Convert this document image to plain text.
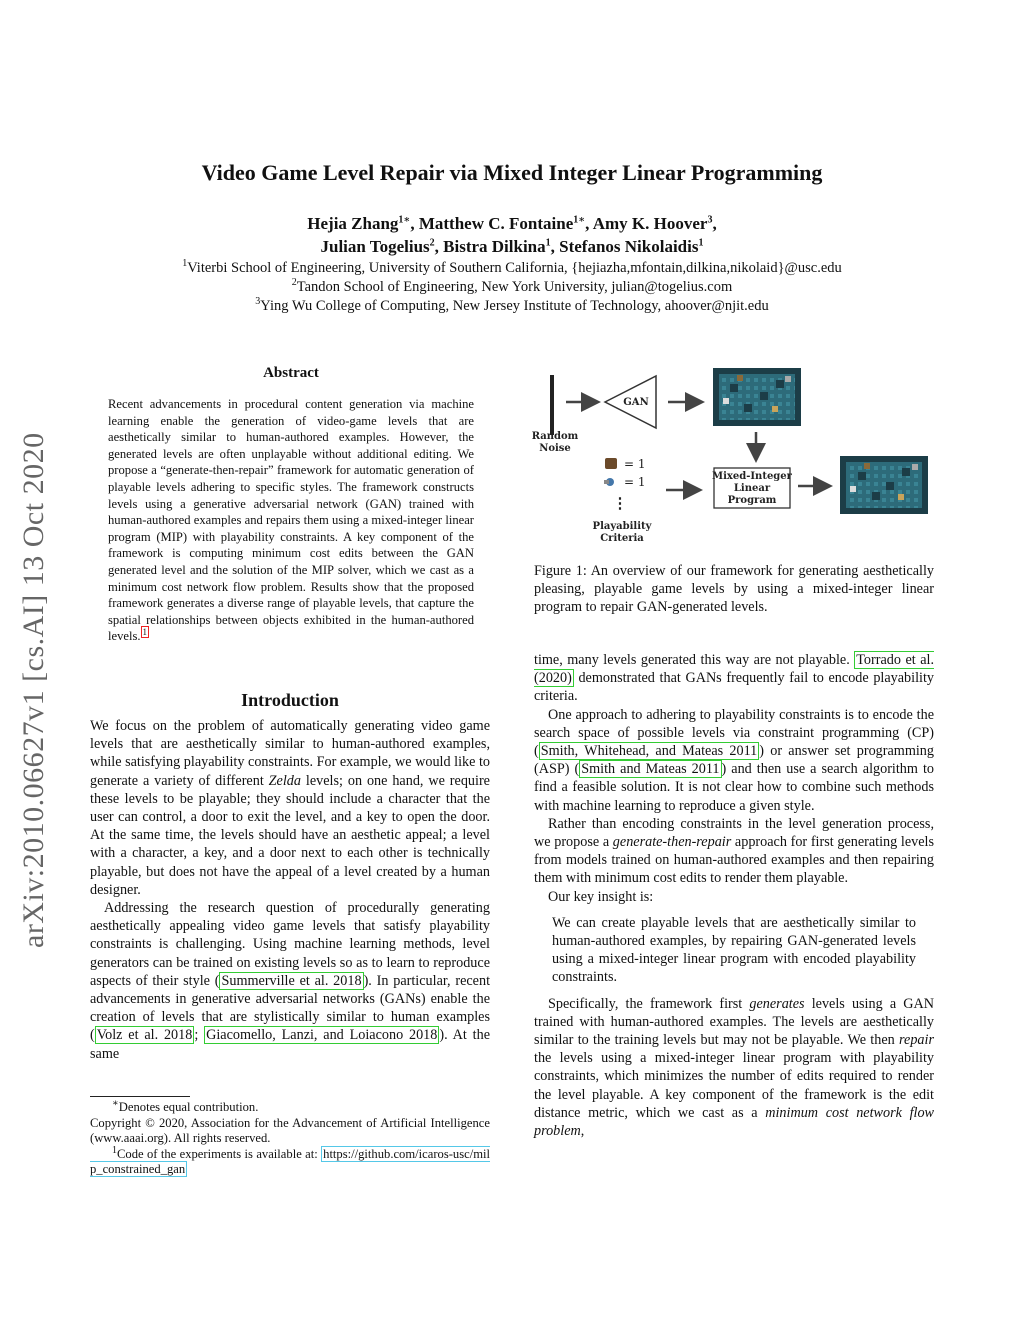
arXiv:2010.06627v1 [cs.AI] 13 Oct 2020
Video Game Level Repair via Mixed Integer Linear Programming
Hejia Zhang$^{1∗}$, Matthew C. Fontaine$^{1∗}$, Amy K. Hoover$^3$,
Julian Togelius$^2$, Bistra Dilkina$^1$, Stefanos Nikolaidis$^1$
$^1$Viterbi School of Engineering, University of Southern California, {hejiazha,mfontain,dilkina,nikolaid}@usc.edu
$^2$Tandon School of Engineering, New York University, julian@togelius.com
$^3$Ying Wu College of Computing, New Jersey Institute of Technology, ahoover@njit.edu
Abstract
Recent advancements in procedural content generation via machine learning enable the generation of video-game levels that are aesthetically similar to human-authored examples. However, the generated levels are often unplayable without additional editing. We propose a “generate-then-repair” framework for automatic generation of playable levels adhering to specific styles. The framework constructs levels using a generative adversarial network (GAN) trained with human-authored examples and repairs them using a mixed-integer linear program (MIP) with playability constraints. A key component of the framework is computing minimum cost edits between the GAN generated level and the solution of the MIP solver, which we cast as a minimum cost network flow problem. Results show that the proposed framework generates a diverse range of playable levels, that capture the spatial relationships between objects exhibited in the human-authored levels. $^1$
Introduction

We focus on the problem of automatically generating video game levels that are aesthetically similar to human-authored examples, while satisfying playability constraints. For example, we would like to generate a variety of different Zelda levels; on one hand, we require these levels to be playable; they should include a character that the user can control, a door to exit the level, and a key to open the door. At the same time, the levels should have an aesthetic appeal; a level with a character, a key, and a door next to each other is technically playable, but does not have the appeal of a level created by a human designer.

Addressing the research question of procedurally generating aesthetically appealing video game levels that satisfy playability constraints is challenging. Using machine learning methods, level generators can be trained on existing levels so as to learn to reproduce aspects of their style ( Summerville et al. 2018 ). In particular, recent advancements in generative adversarial networks (GANs) enable the creation of levels that are stylistically similar to human examples ( Volz et al. 2018 ; Giacomello, Lanzi, and Loiacono 2018 ). At the same

∗Denotes equal contribution.
Copyright © 2020, Association for the Advancement of Artificial Intelligence (www.aaai.org). All rights reserved.
$^1$Code of the experiments is available at: https://github.com/icaros-usc/milp_constrained_gan
Random
Noise
GAN
= 1
= 1
⋮
Playability
Criteria
Mixed-Integer
Linear
Program
Figure 1: An overview of our framework for generating aesthetically pleasing, playable game levels by using a mixed-integer linear program to repair GAN-generated levels.

time, many levels generated this way are not playable. Torrado et al. (2020) demonstrated that GANs frequently fail to encode playability criteria.

One approach to adhering to playability constraints is to encode the search space of possible levels via constraint programming (CP) ( Smith, Whitehead, and Mateas 2011 ) or answer set programming (ASP) ( Smith and Mateas 2011 ) and then use a search algorithm to find a feasible solution. It is not clear how to combine such methods with machine learning to reproduce a given style.

Rather than encoding constraints in the level generation process, we propose a generate-then-repair approach for first generating levels from models trained on human-authored examples and then repairing them with minimum cost edits to render them playable.

Our key insight is:

We can create playable levels that are aesthetically similar to human-authored examples, by repairing GAN-generated levels using a mixed-integer linear program with encoded playability constraints.

Specifically, the framework first generates levels using a GAN trained with human-authored examples. The levels are aesthetically similar to the training levels but may not be playable. We then repair the levels using a mixed-integer linear program with playability constraints, which minimizes the number of edits required to render the level playable. A key component of the framework is the edit distance metric, which we cast as a minimum cost network flow problem,
